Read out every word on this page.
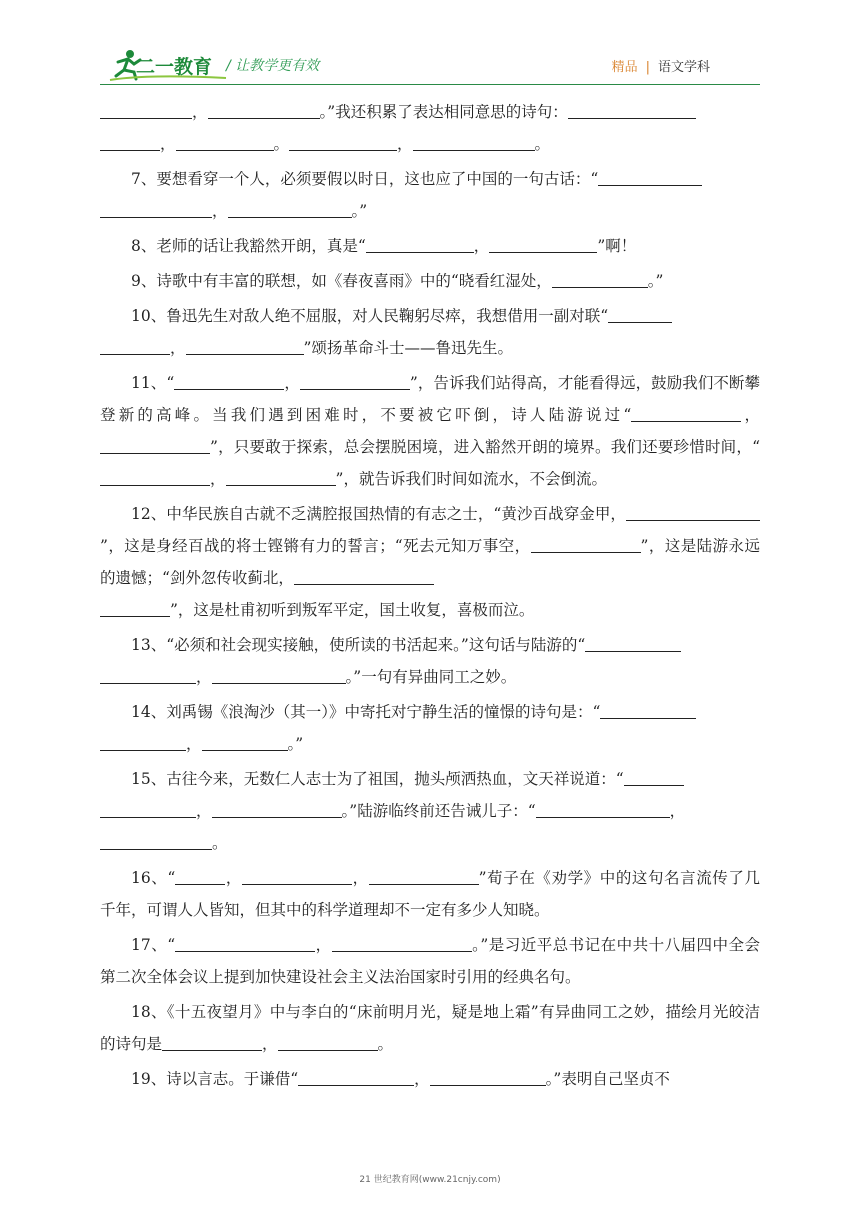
二一教育 / 让教学更有效	精品 | 语文学科

，	。”我还积累了表达相同意思的诗句：
，	。	，	。

7、要想看穿一个人，必须要假以时日，这也应了中国的一句古话：“
，	。”

8、老师的话让我豁然开朗，真是“	，	”啊！

9、诗歌中有丰富的联想，如《春夜喜雨》中的“晓看红湿处，	。”

10、鲁迅先生对敌人绝不屈服，对人民鞠躬尽瘁，我想借用一副对联“
，	”颂扬革命斗士——鲁迅先生。

11、“	，	”，告诉我们站得高，才能看得远，鼓励我们不断攀登新的高峰。当我们遇到困难时，不要被它吓倒，诗人陆游说过“	，”，只要敢于探索，总会摆脱困境，进入豁然开朗的境界。我们还要珍惜时间，“，	”，就告诉我们时间如流水，不会倒流。

12、中华民族自古就不乏满腔报国热情的有志之士，“黄沙百战穿金甲，”，这是身经百战的将士铿锵有力的誓言；“死去元知万事空，	”，这是陆游永远的遗憾；“剑外忽传收蓟北，
”，这是杜甫初听到叛军平定，国土收复，喜极而泣。

13、“必须和社会现实接触，使所读的书活起来。”这句话与陆游的“
，	。”一句有异曲同工之妙。

14、刘禹锡《浪淘沙（其一）》中寄托对宁静生活的憧憬的诗句是：“
，	。”

15、古往今来，无数仁人志士为了祖国，抛头颅洒热血，文天祥说道：“
，	。”陆游临终前还告诫儿子：“	，
。

16、“	，	，	”荀子在《劝学》中的这句名言流传了几千年，可谓人人皆知，但其中的科学道理却不一定有多少人知晓。

17、“	，	。”是习近平总书记在中共十八届四中全会第二次全体会议上提到加快建设社会主义法治国家时引用的经典名句。

18、《十五夜望月》中与李白的“床前明月光，疑是地上霜”有异曲同工之妙，描绘月光皎洁的诗句是	，	。

19、诗以言志。于谦借“	，	。”表明自己坚贞不

21 世纪教育网(www.21cnjy.com)
